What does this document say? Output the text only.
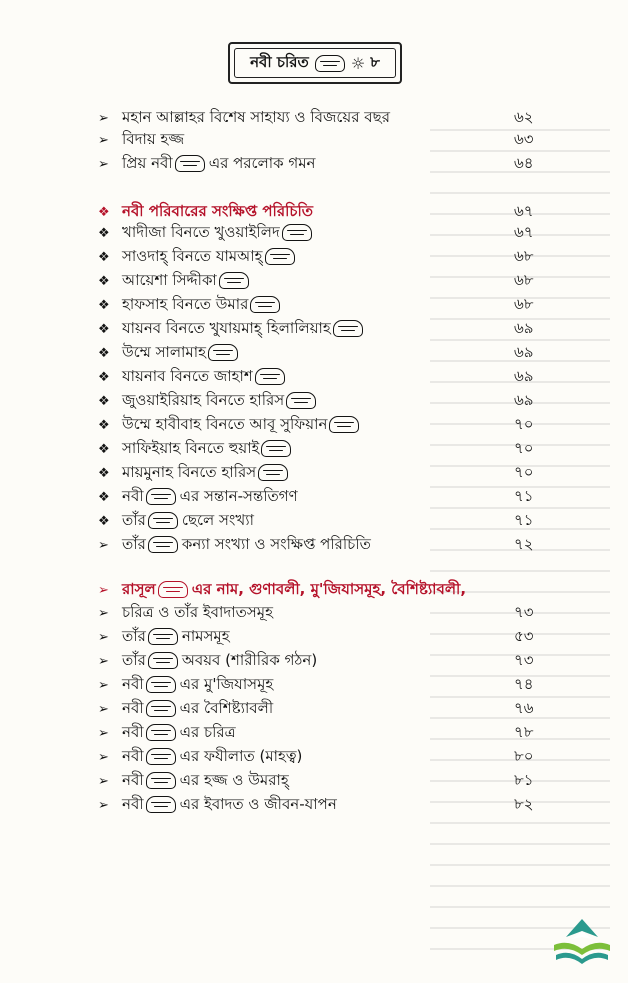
নবী চরিত	☼ ৮
➢ মহান আল্লাহর বিশেষ সাহায্য ও বিজয়ের বছর	৬২
➢ বিদায় হজ্জ	৬৩
➢ প্রিয় নবী এর পরলোক গমন	৬৪
❖ নবী পরিবারের সংক্ষিপ্ত পরিচিতি	৬৭
❖ খাদীজা বিনতে খুওয়াইলিদ	৬৭
❖ সাওদাহ্ বিনতে যামআহ্	৬৮
❖ আয়েশা সিদ্দীকা	৬৮
❖ হাফসাহ বিনতে উমার	৬৮
❖ যায়নব বিনতে খুযায়মাহ্ হিলালিয়াহ	৬৯
❖ উম্মে সালামাহ	৬৯
❖ যায়নাব বিনতে জাহাশ	৬৯
❖ জুওয়াইরিয়াহ বিনতে হারিস	৬৯
❖ উম্মে হাবীবাহ বিনতে আবূ সুফিয়ান	৭০
❖ সাফিইয়াহ বিনতে হুয়াই	৭০
❖ মায়মুনাহ বিনতে হারিস	৭০
❖ নবী এর সন্তান-সন্ততিগণ	৭১
❖ তাঁর ছেলে সংখ্যা	৭১
➢ তাঁর কন্যা সংখ্যা ও সংক্ষিপ্ত পরিচিতি	৭২
➢ রাসূল এর নাম, গুণাবলী, মু'জিযাসমূহ, বৈশিষ্ট্যাবলী,
➢ চরিত্র ও তাঁর ইবাদাতসমূহ	৭৩
➢ তাঁর নামসমূহ	৫৩
➢ তাঁর অবয়ব (শারীরিক গঠন)	৭৩
➢ নবী এর মু'জিযাসমূহ	৭৪
➢ নবী এর বৈশিষ্ট্যাবলী	৭৬
➢ নবী এর চরিত্র	৭৮
➢ নবী এর ফযীলাত (মাহত্ব)	৮০
➢ নবী এর হজ্জ ও উমরাহ্	৮১
➢ নবী এর ইবাদত ও জীবন-যাপন	৮২
